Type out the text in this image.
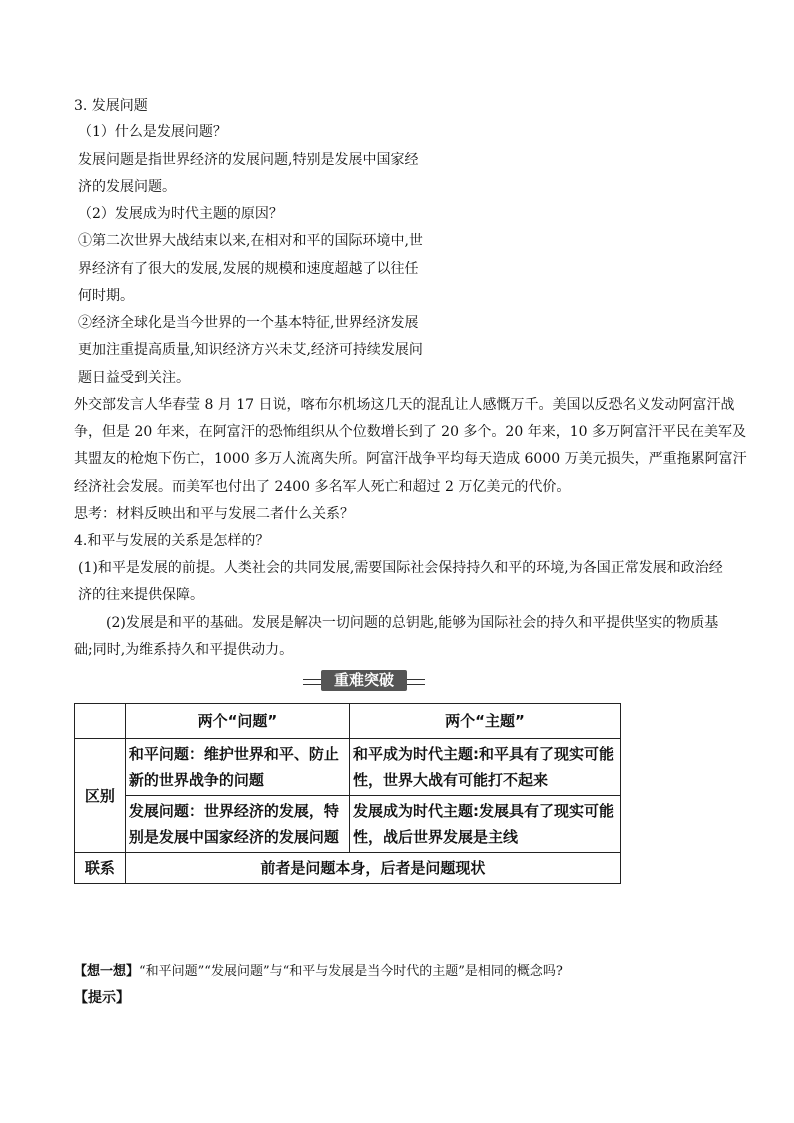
3. 发展问题
（1）什么是发展问题？
发展问题是指世界经济的发展问题,特别是发展中国家经
济的发展问题。
（2）发展成为时代主题的原因？
①第二次世界大战结束以来,在相对和平的国际环境中,世
界经济有了很大的发展,发展的规模和速度超越了以往任
何时期。
②经济全球化是当今世界的一个基本特征,世界经济发展
更加注重提高质量,知识经济方兴未艾,经济可持续发展问
题日益受到关注。
外交部发言人华春莹 8 月 17 日说，喀布尔机场这几天的混乱让人感慨万千。美国以反恐名义发动阿富汗战
争，但是 20 年来，在阿富汗的恐怖组织从个位数增长到了 20 多个。20 年来，10 多万阿富汗平民在美军及
其盟友的枪炮下伤亡，1000 多万人流离失所。阿富汗战争平均每天造成 6000 万美元损失，严重拖累阿富汗
经济社会发展。而美军也付出了 2400 多名军人死亡和超过 2 万亿美元的代价。
思考：材料反映出和平与发展二者什么关系？
4.和平与发展的关系是怎样的？
(1)和平是发展的前提。人类社会的共同发展,需要国际社会保持持久和平的环境,为各国正常发展和政治经
济的往来提供保障。
(2)发展是和平的基础。发展是解决一切问题的总钥匙,能够为国际社会的持久和平提供坚实的物质基
础;同时,为维系持久和平提供动力。
重难突破
	两个“问题”	两个“主题”
区别	和平问题：维护世界和平、防止新的世界战争的问题	和平成为时代主题:和平具有了现实可能性，世界大战有可能打不起来
	发展问题：世界经济的发展，特别是发展中国家经济的发展问题	发展成为时代主题:发展具有了现实可能性，战后世界发展是主线
联系	前者是问题本身，后者是问题现状	
【想一想】“和平问题”“发展问题”与“和平与发展是当今时代的主题”是相同的概念吗?
【提示】
